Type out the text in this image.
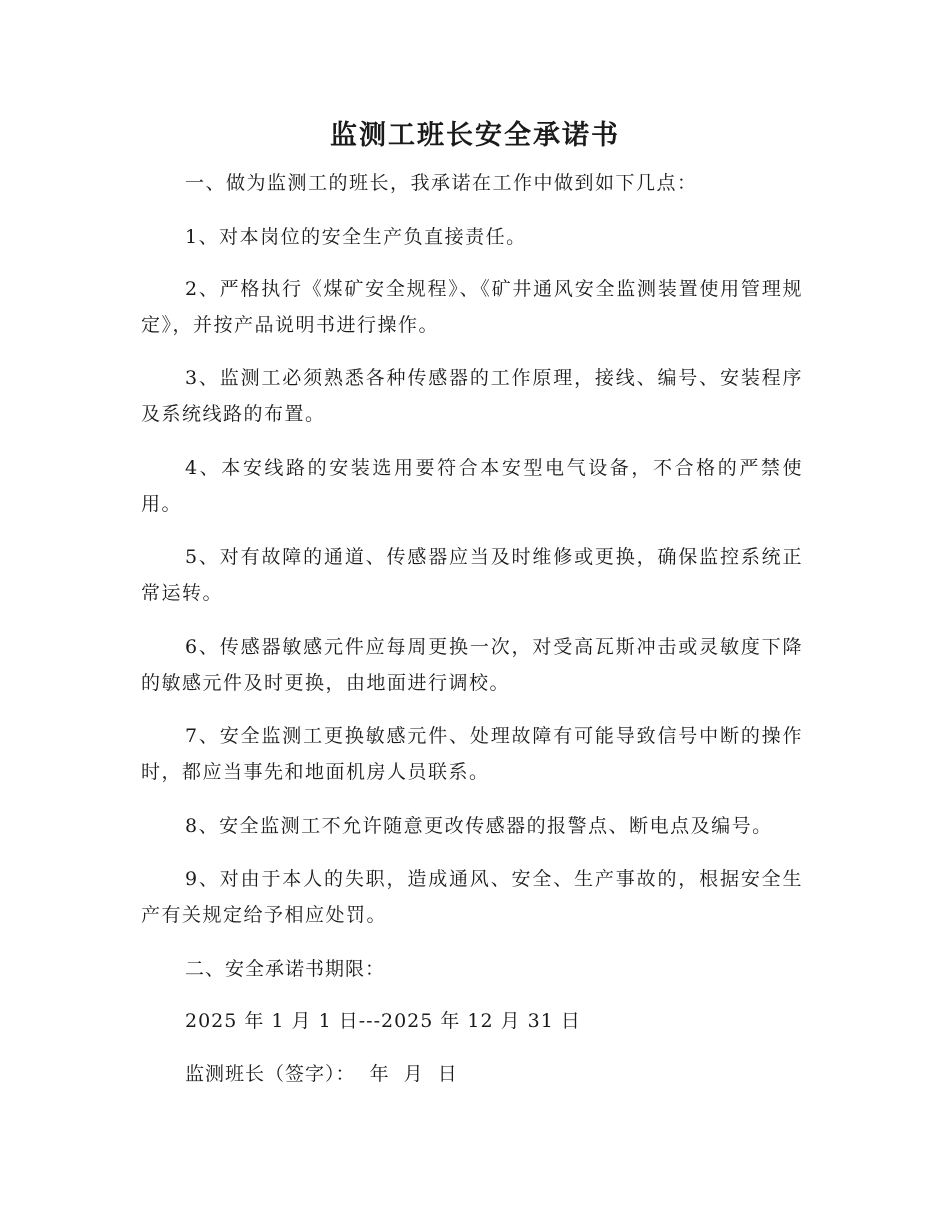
监测工班长安全承诺书

一、做为监测工的班长，我承诺在工作中做到如下几点：

1、对本岗位的安全生产负直接责任。

2、严格执行《煤矿安全规程》、《矿井通风安全监测装置使用管理规定》，并按产品说明书进行操作。

3、监测工必须熟悉各种传感器的工作原理，接线、编号、安装程序及系统线路的布置。

4、本安线路的安装选用要符合本安型电气设备，不合格的严禁使用。

5、对有故障的通道、传感器应当及时维修或更换，确保监控系统正常运转。

6、传感器敏感元件应每周更换一次，对受高瓦斯冲击或灵敏度下降的敏感元件及时更换，由地面进行调校。

7、安全监测工更换敏感元件、处理故障有可能导致信号中断的操作时，都应当事先和地面机房人员联系。

8、安全监测工不允许随意更改传感器的报警点、断电点及编号。

9、对由于本人的失职，造成通风、安全、生产事故的，根据安全生产有关规定给予相应处罚。

二、安全承诺书期限：

2025 年 1 月 1 日---2025 年 12 月 31 日

监测班长（签字）：  年  月  日
